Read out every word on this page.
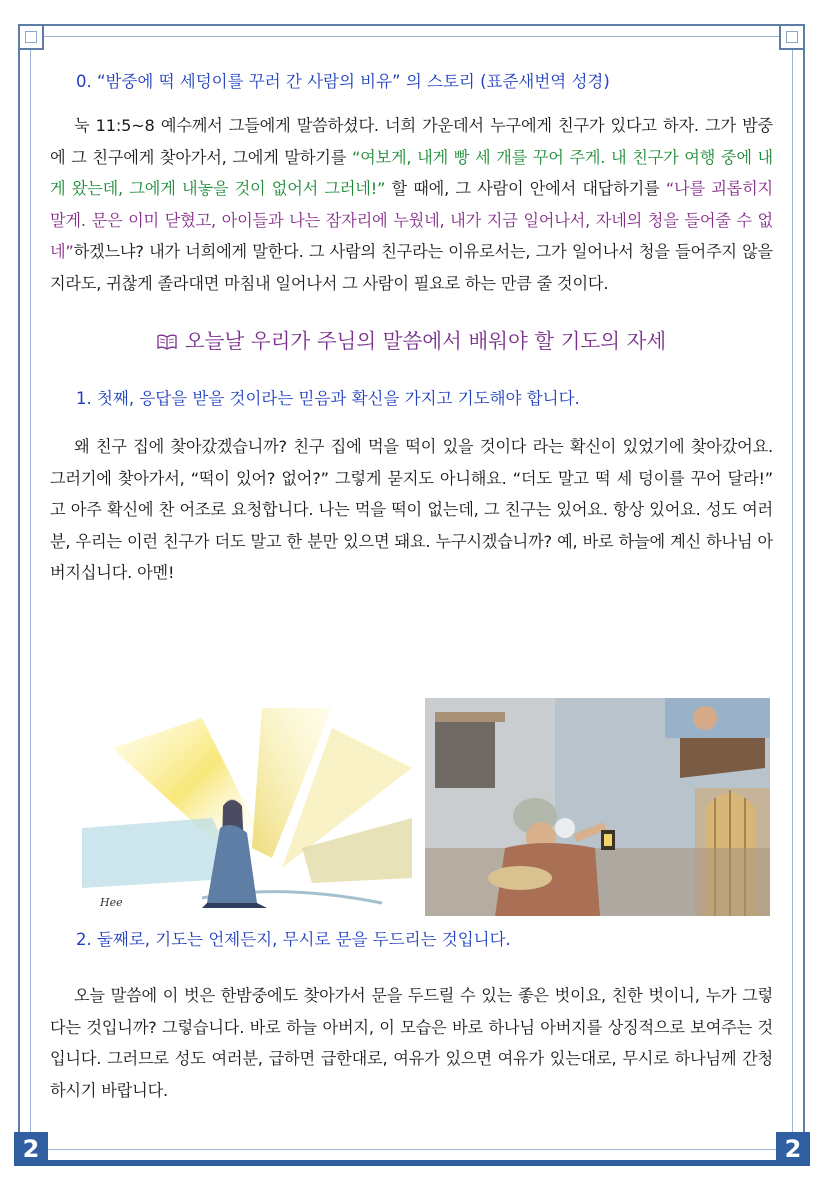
2	2

0. “밤중에 떡 세덩이를 꾸러 간 사람의 비유” 의 스토리 (표준새번역 성경)

눅 11:5~8 예수께서 그들에게 말씀하셨다. 너희 가운데서 누구에게 친구가 있다고 하자. 그가 밤중에 그 친구에게 찾아가서, 그에게 말하기를 “여보게, 내게 빵 세 개를 꾸어 주게. 내 친구가 여행 중에 내게 왔는데, 그에게 내놓을 것이 없어서 그러네!” 할 때에, 그 사람이 안에서 대답하기를 “나를 괴롭히지 말게. 문은 이미 닫혔고, 아이들과 나는 잠자리에 누웠네, 내가 지금 일어나서, 자네의 청을 들어줄 수 없네”하겠느냐? 내가 너희에게 말한다. 그 사람의 친구라는 이유로서는, 그가 일어나서 청을 들어주지 않을지라도, 귀찮게 졸라대면 마침내 일어나서 그 사람이 필요로 하는 만큼 줄 것이다.

오늘날 우리가 주님의 말씀에서 배워야 할 기도의 자세

1. 첫째, 응답을 받을 것이라는 믿음과 확신을 가지고 기도해야 합니다.

왜 친구 집에 찾아갔겠습니까? 친구 집에 먹을 떡이 있을 것이다 라는 확신이 있었기에 찾아갔어요. 그러기에 찾아가서, “떡이 있어? 없어?” 그렇게 묻지도 아니해요. “더도 말고 떡 세 덩이를 꾸어 달라!” 고 아주 확신에 찬 어조로 요청합니다. 나는 먹을 떡이 없는데, 그 친구는 있어요. 항상 있어요. 성도 여러분, 우리는 이런 친구가 더도 말고 한 분만 있으면 돼요. 누구시겠습니까? 예, 바로 하늘에 계신 하나님 아버지십니다. 아멘!

Hee

2. 둘째로, 기도는 언제든지, 무시로 문을 두드리는 것입니다.

오늘 말씀에 이 벗은 한밤중에도 찾아가서 문을 두드릴 수 있는 좋은 벗이요, 친한 벗이니, 누가 그렇다는 것입니까? 그렇습니다. 바로 하늘 아버지, 이 모습은 바로 하나님 아버지를 상징적으로 보여주는 것입니다. 그러므로 성도 여러분, 급하면 급한대로, 여유가 있으면 여유가 있는대로, 무시로 하나님께 간청하시기 바랍니다.
